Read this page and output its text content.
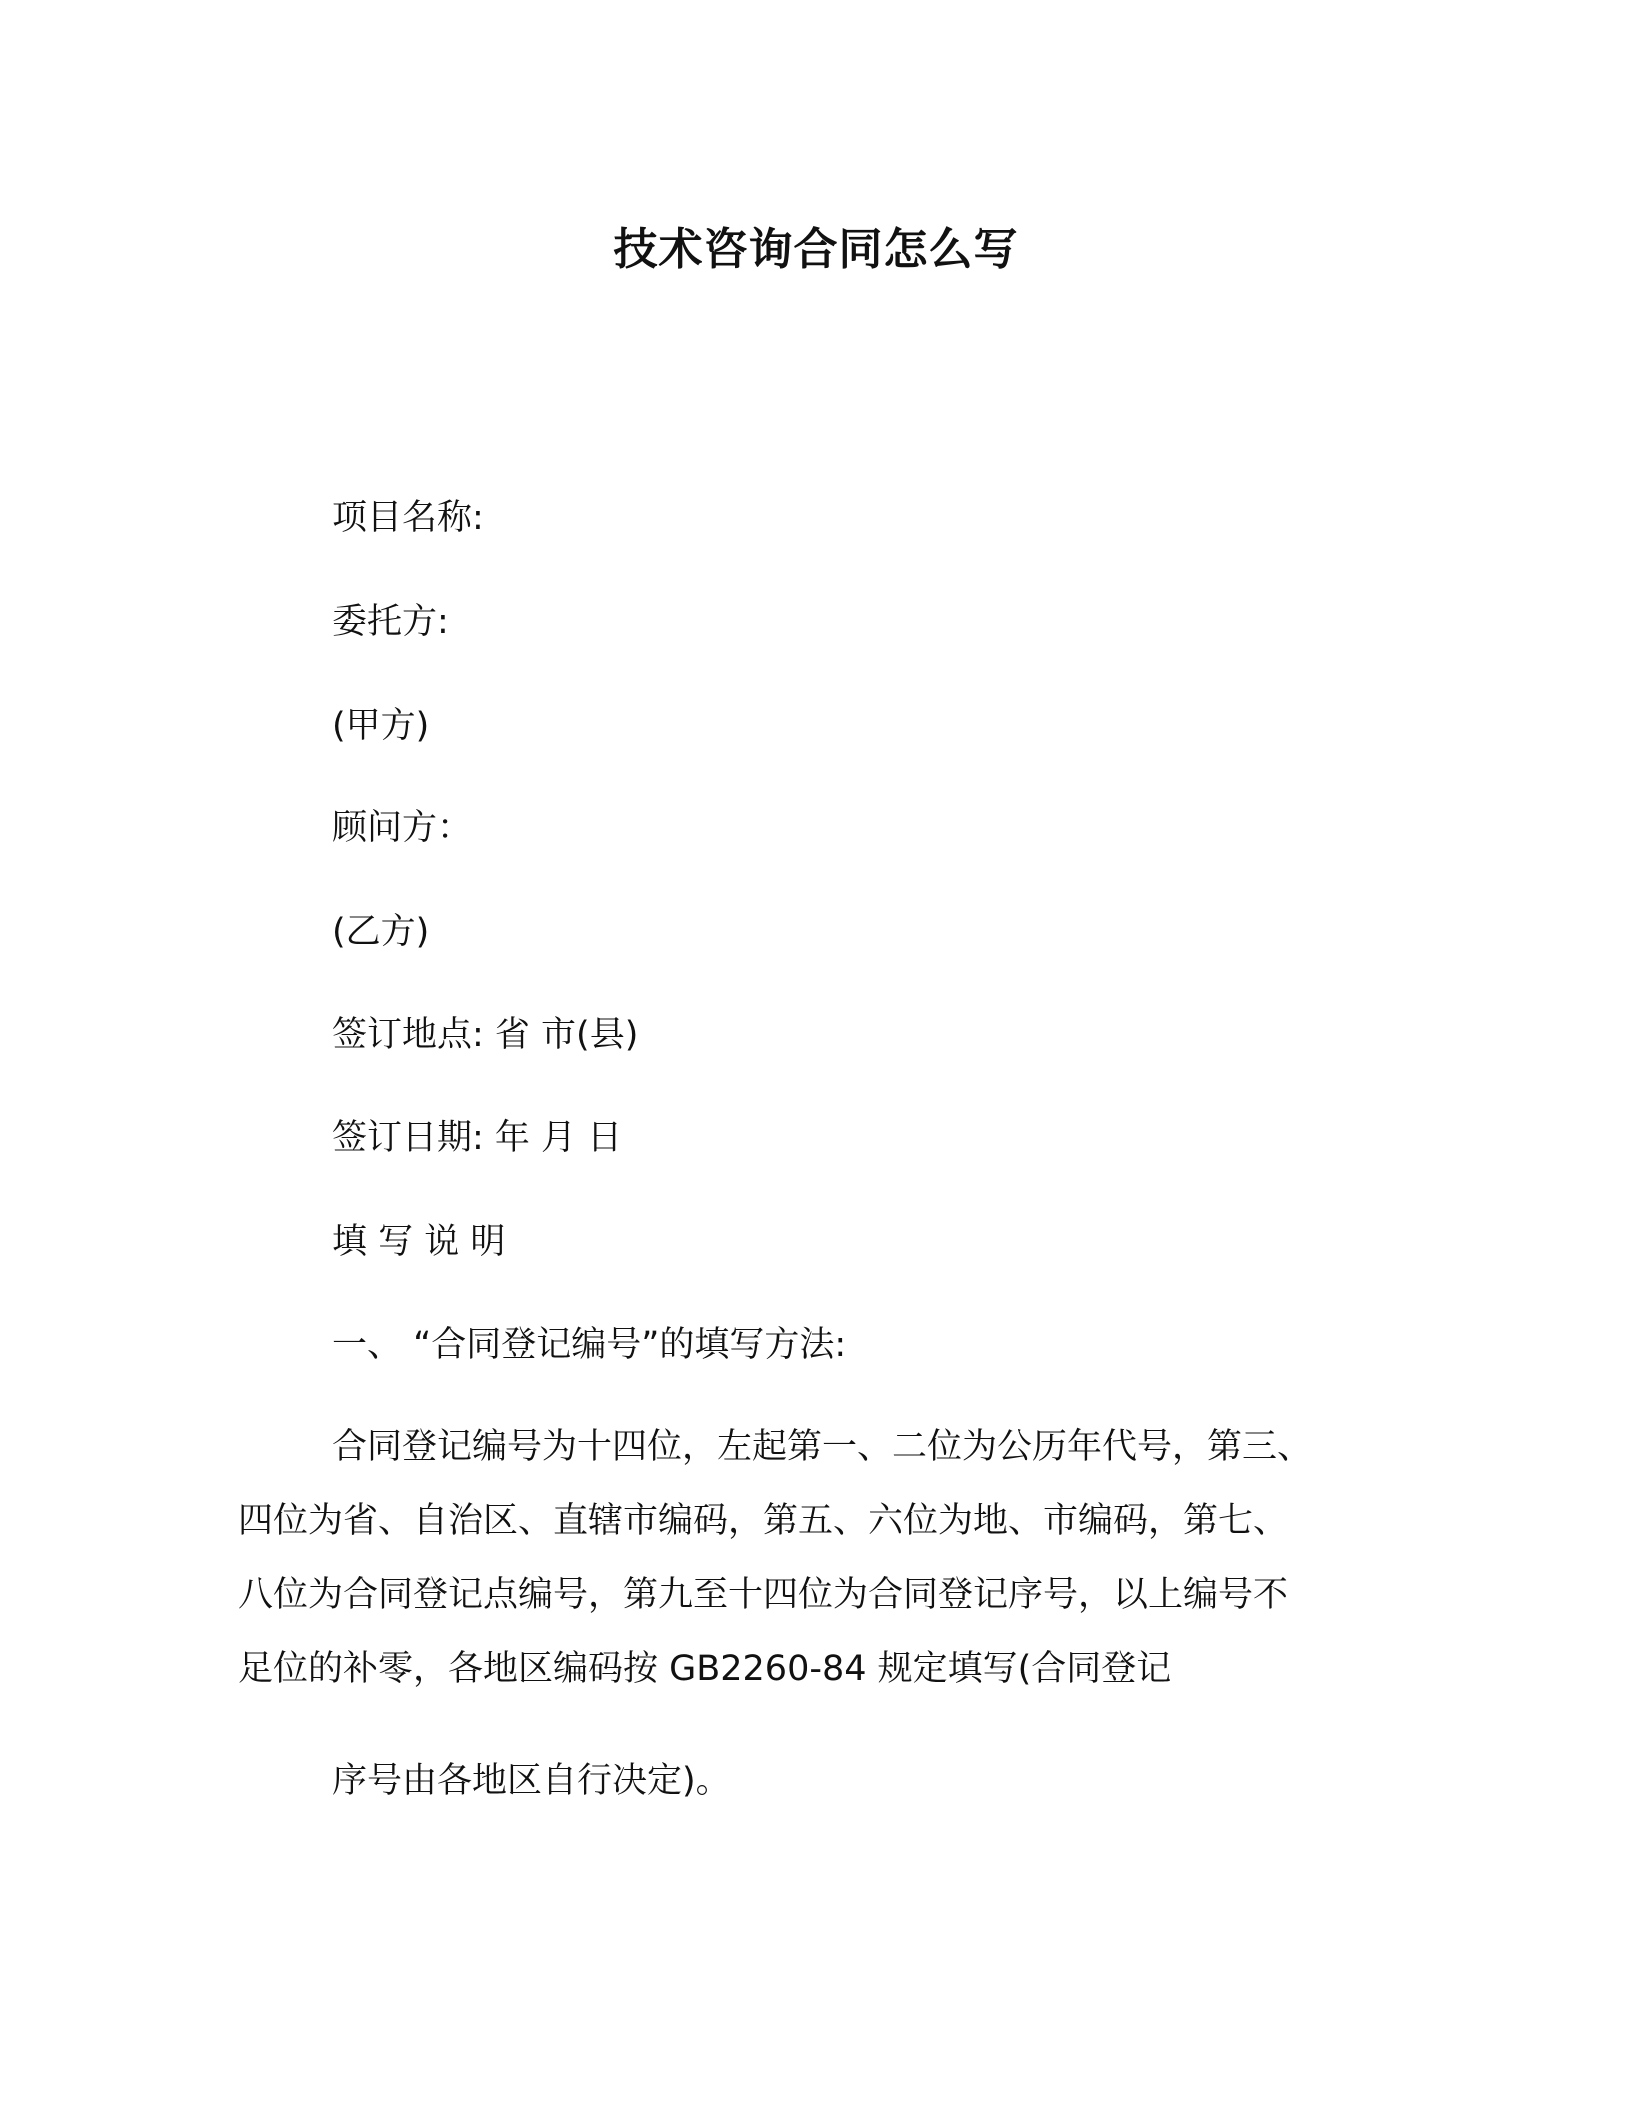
技术咨询合同怎么写
项目名称:
委托方:
(甲方)
顾问方：
(乙方)
签订地点: 省 市(县)
签订日期: 年 月 日
填 写 说 明
一、 “合同登记编号”的填写方法:
合同登记编号为十四位，左起第一、二位为公历年代号，第三、
四位为省、自治区、直辖市编码，第五、六位为地、市编码，第七、
八位为合同登记点编号，第九至十四位为合同登记序号，以上编号不
足位的补零，各地区编码按 GB2260-84 规定填写(合同登记
序号由各地区自行决定)。
